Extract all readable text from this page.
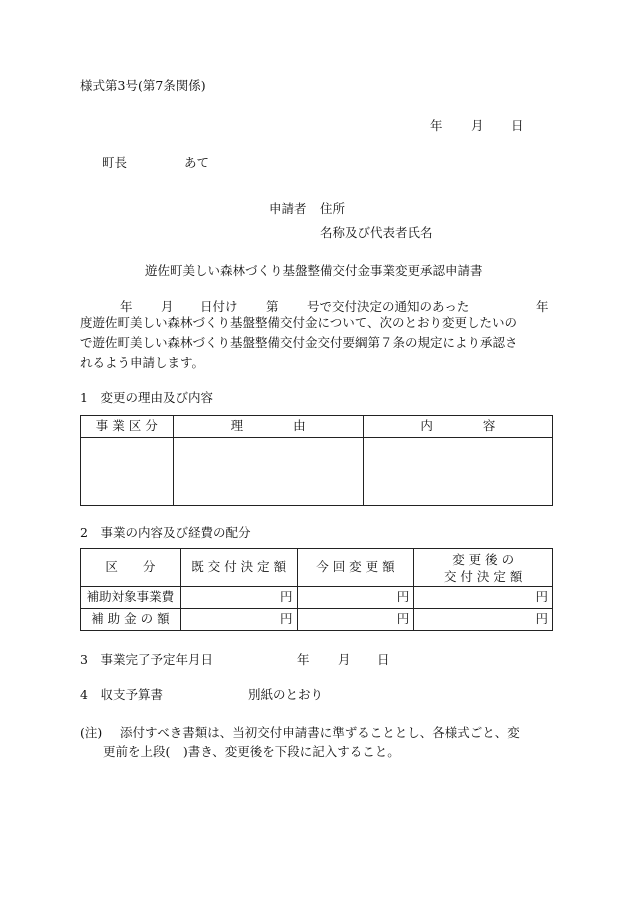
様式第3号(第7条関係)
年 月 日
町長	あて
申請者 住所
名称及び代表者氏名
遊佐町美しい森林づくり基盤整備交付金事業変更承認申請書
年 月 日付け 第 号で交付決定の通知のあった	年
度遊佐町美しい森林づくり基盤整備交付金について、次のとおり変更したいの
で遊佐町美しい森林づくり基盤整備交付金交付要綱第７条の規定により承認さ
れるよう申請します。
1　変更の理由及び内容
事 業 区 分	理　　　　由	内　　　　容

2　事業の内容及び経費の配分
区　　分	既 交 付 決 定 額	今 回 変 更 額	変 更 後 の
交 付 決 定 額

補助対象事業費	円	円	円
補 助 金 の 額	円	円	円
3　事業完了予定年月日	年 月 日
4　収支予算書	別紙のとおり
(注) 添付すべき書類は、当初交付申請書に準ずることとし、各様式ごと、変
更前を上段(　)書き、変更後を下段に記入すること。
